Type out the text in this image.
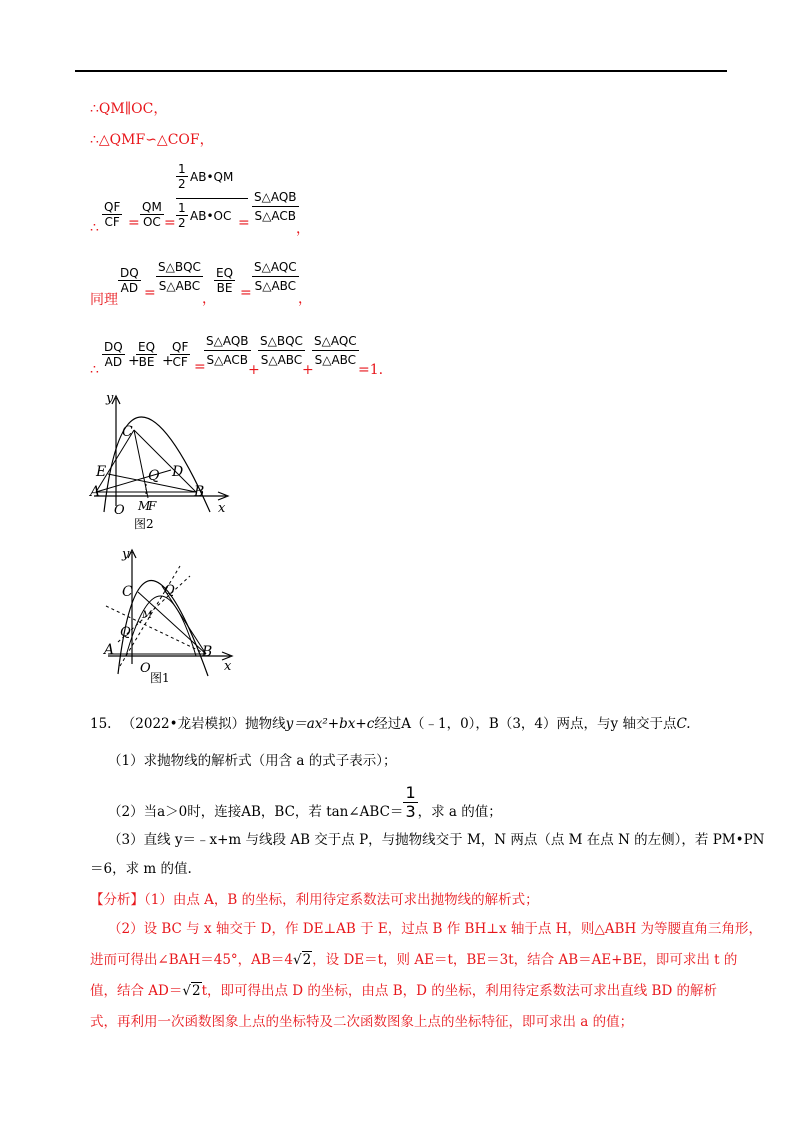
∴QM∥OC，
∴△QMF∽△COF，
∴ $\frac{QF}{CF} = \frac{QM}{OC}$ =
$\frac{1}{2}$ AB•QM
$\frac{1}{2}$ AB•OC =
S△AQB
S△ACB
，
同理
$\frac{DQ}{AD}$ =
S△BQC
S△ABC
，
$\frac{EQ}{BE}$ =
S△AQC
S△ABC
，
∴
$\frac{DQ}{AD}$ +
$\frac{EQ}{BE}$ +
$\frac{QF}{CF}$ =
S△AQB
S△ACB
+
S△BQC
S△ABC
+
S△AQC
S△ABC
=1.
y
x
C
E	Q D
A	B
O M
F
图2
y
x
C Q
Q
M
A	B
O
图1
15. （2022•龙岩模拟）抛物线y＝ax²+bx+c经过A（﹣1，0），B（3，4）两点，与y 轴交于点C.
（1）求抛物线的解析式（用含 a 的式子表示）；
（2）当a＞0时，连接AB，BC，若 tan∠ABC＝ $\frac{1}{3}$ ，求 a 的值；
（3）直线 y＝﹣x+m 与线段 AB 交于点 P，与抛物线交于 M，N 两点（点 M 在点 N 的左侧），若 PM•PN
＝6，求 m 的值.
【分析】（1）由点 A，B 的坐标，利用待定系数法可求出抛物线的解析式；
（2）设 BC 与 x 轴交于 D，作 DE⊥AB 于 E，过点 B 作 BH⊥x 轴于点 H，则△ABH 为等腰直角三角形，
进而可得出∠BAH＝45°，AB＝4√2，设 DE＝t，则 AE＝t，BE＝3t，结合 AB＝AE+BE，即可求出 t 的
值，结合 AD＝√2t，即可得出点 D 的坐标，由点 B，D 的坐标，利用待定系数法可求出直线 BD 的解析
式，再利用一次函数图象上点的坐标特及二次函数图象上点的坐标特征，即可求出 a 的值；
